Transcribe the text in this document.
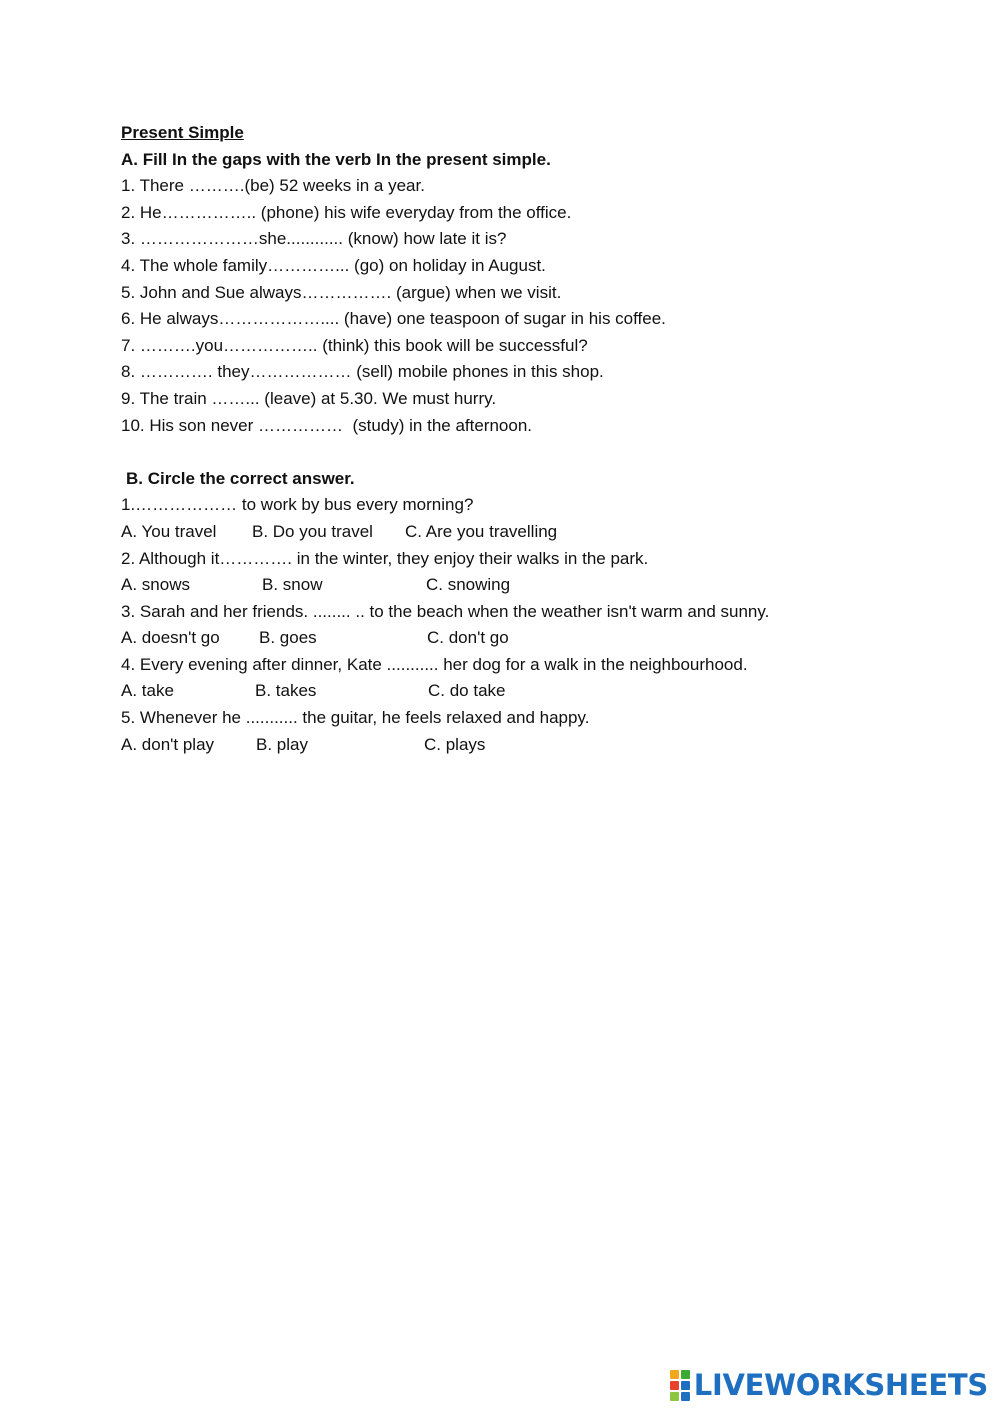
Present Simple
A. Fill In the gaps with the verb In the present simple.
1. There ……….(be) 52 weeks in a year.
2. He…………….. (phone) his wife everyday from the office.
3. …………………she............ (know) how late it is?
4. The whole family…………... (go) on holiday in August.
5. John and Sue always……………. (argue) when we visit.
6. He always……………….... (have) one teaspoon of sugar in his coffee.
7. ……….you…………….. (think) this book will be successful?
8. …………. they……………… (sell) mobile phones in this shop.
9. The train ……... (leave) at 5.30. We must hurry.
10. His son never ……………  (study) in the afternoon.
B. Circle the correct answer.
1.……………… to work by bus every morning?

A. You travel

B. Do you travel

C. Are you travelling

2. Although it…………. in the winter, they enjoy their walks in the park.

A. snows

	B. snow

	C. snowing

3. Sarah and her friends. ........ .. to the beach when the weather isn't warm and sunny.

A. doesn't go

B. goes

	C. don't go

4. Every evening after dinner, Kate ........... her dog for a walk in the neighbourhood.

A. take

	B. takes

	C. do take

5. Whenever he ........... the guitar, he feels relaxed and happy.

A. don't play

B. play

	C. plays

LIVEWORKSHEETS
